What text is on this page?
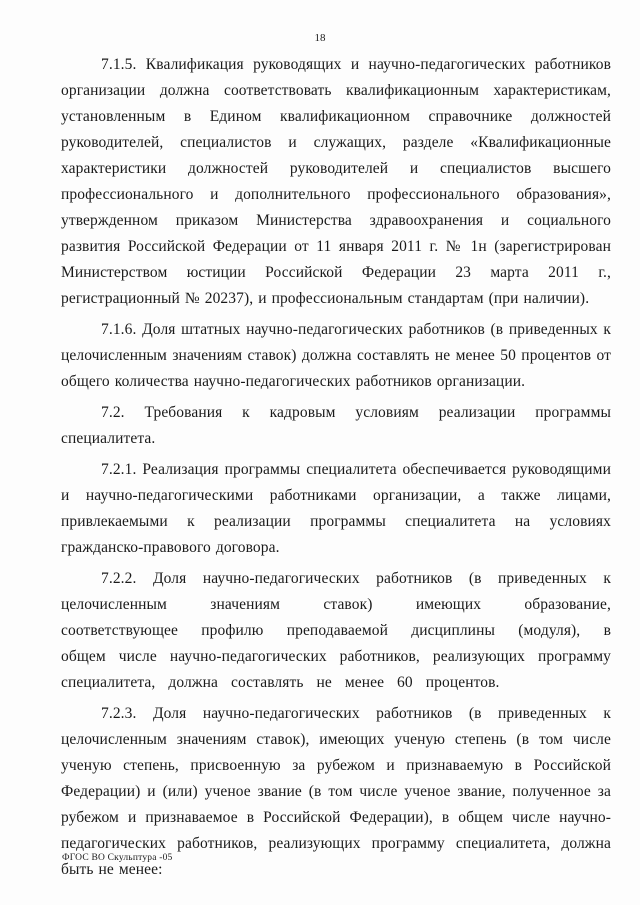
18

7.1.5. Квалификация руководящих и научно-педагогических работников организации должна соответствовать квалификационным характеристикам, установленным в Едином квалификационном справочнике должностей руководителей, специалистов и служащих, разделе «Квалификационные характеристики должностей руководителей и специалистов высшего профессионального и дополнительного профессионального образования», утвержденном приказом Министерства здравоохранения и социального развития Российской Федерации от 11 января 2011 г. № 1н (зарегистрирован Министерством юстиции Российской Федерации 23 марта 2011 г., регистрационный № 20237), и профессиональным стандартам (при наличии).

7.1.6. Доля штатных научно-педагогических работников (в приведенных к целочисленным значениям ставок) должна составлять не менее 50 процентов от общего количества научно-педагогических работников организации.

7.2. Требования к кадровым условиям реализации программы специалитета.

7.2.1. Реализация программы специалитета обеспечивается руководящими и научно-педагогическими работниками организации, а также лицами, привлекаемыми к реализации программы специалитета на условиях гражданско-правового договора.

7.2.2. Доля научно-педагогических работников (в приведенных к целочисленным значениям ставок) имеющих образование, соответствующее профилю преподаваемой дисциплины (модуля), в общем числе научно-педагогических работников, реализующих программу специалитета, должна составлять не менее 60 процентов.

7.2.3. Доля научно-педагогических работников (в приведенных к целочисленным значениям ставок), имеющих ученую степень (в том числе ученую степень, присвоенную за рубежом и признаваемую в Российской Федерации) и (или) ученое звание (в том числе ученое звание, полученное за рубежом и признаваемое в Российской Федерации), в общем числе научно-педагогических работников, реализующих программу специалитета, должна быть не менее:

ФГОС ВО Скульптура -05
